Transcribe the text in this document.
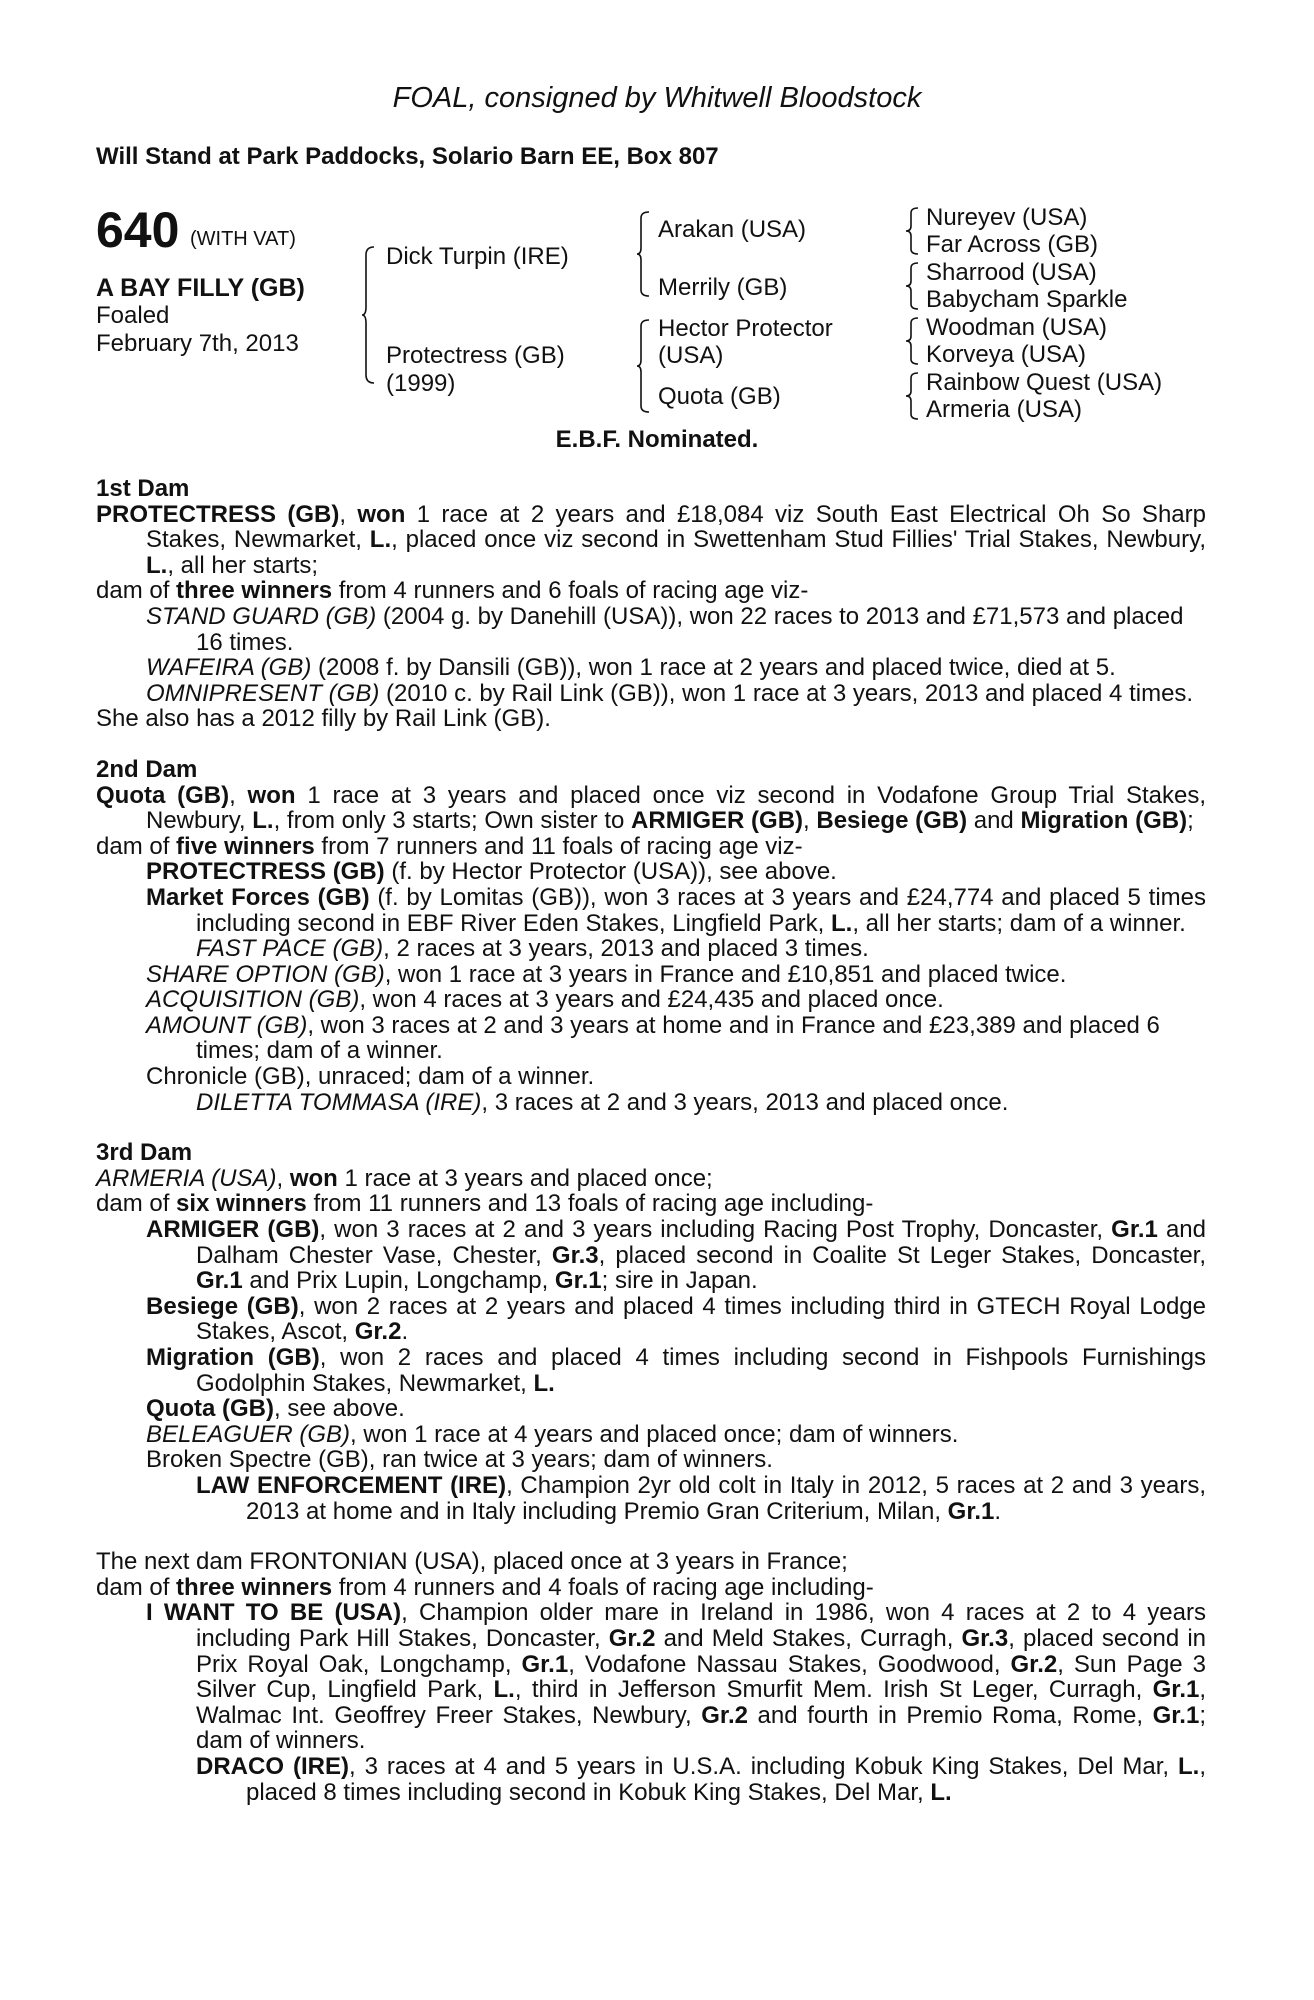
FOAL, consigned by Whitwell Bloodstock
Will Stand at Park Paddocks, Solario Barn EE, Box 807
640 (WITH VAT)
A BAY FILLY (GB)
Foaled
February 7th, 2013
Dick Turpin (IRE)
Protectress (GB)
(1999)
Arakan (USA)
Merrily (GB)
Hector Protector
(USA)
Quota (GB)
Nureyev (USA)
Far Across (GB)
Sharrood (USA)
Babycham Sparkle
Woodman (USA)
Korveya (USA)
Rainbow Quest (USA)
Armeria (USA)
E.B.F. Nominated.

1st Dam

PROTECTRESS (GB), won 1 race at 2 years and £18,084 viz South East Electrical Oh So Sharp Stakes, Newmarket, L., placed once viz second in Swettenham Stud Fillies' Trial Stakes, Newbury, L., all her starts;

dam of three winners from 4 runners and 6 foals of racing age viz-

STAND GUARD (GB) (2004 g. by Danehill (USA)), won 22 races to 2013 and £71,573 and placed 16 times.

WAFEIRA (GB) (2008 f. by Dansili (GB)), won 1 race at 2 years and placed twice, died at 5.

OMNIPRESENT (GB) (2010 c. by Rail Link (GB)), won 1 race at 3 years, 2013 and placed 4 times.

She also has a 2012 filly by Rail Link (GB).

2nd Dam

Quota (GB), won 1 race at 3 years and placed once viz second in Vodafone Group Trial Stakes, Newbury, L., from only 3 starts; Own sister to ARMIGER (GB), Besiege (GB) and Migration (GB);

dam of five winners from 7 runners and 11 foals of racing age viz-

PROTECTRESS (GB) (f. by Hector Protector (USA)), see above.

Market Forces (GB) (f. by Lomitas (GB)), won 3 races at 3 years and £24,774 and placed 5 times including second in EBF River Eden Stakes, Lingfield Park, L., all her starts; dam of a winner.

FAST PACE (GB), 2 races at 3 years, 2013 and placed 3 times.

SHARE OPTION (GB), won 1 race at 3 years in France and £10,851 and placed twice.

ACQUISITION (GB), won 4 races at 3 years and £24,435 and placed once.

AMOUNT (GB), won 3 races at 2 and 3 years at home and in France and £23,389 and placed 6 times; dam of a winner.

Chronicle (GB), unraced; dam of a winner.

DILETTA TOMMASA (IRE), 3 races at 2 and 3 years, 2013 and placed once.

3rd Dam

ARMERIA (USA), won 1 race at 3 years and placed once;

dam of six winners from 11 runners and 13 foals of racing age including-

ARMIGER (GB), won 3 races at 2 and 3 years including Racing Post Trophy, Doncaster, Gr.1 and Dalham Chester Vase, Chester, Gr.3, placed second in Coalite St Leger Stakes, Doncaster, Gr.1 and Prix Lupin, Longchamp, Gr.1; sire in Japan.

Besiege (GB), won 2 races at 2 years and placed 4 times including third in GTECH Royal Lodge Stakes, Ascot, Gr.2.

Migration (GB), won 2 races and placed 4 times including second in Fishpools Furnishings Godolphin Stakes, Newmarket, L.

Quota (GB), see above.

BELEAGUER (GB), won 1 race at 4 years and placed once; dam of winners.

Broken Spectre (GB), ran twice at 3 years; dam of winners.

LAW ENFORCEMENT (IRE), Champion 2yr old colt in Italy in 2012, 5 races at 2 and 3 years, 2013 at home and in Italy including Premio Gran Criterium, Milan, Gr.1.

The next dam FRONTONIAN (USA), placed once at 3 years in France;

dam of three winners from 4 runners and 4 foals of racing age including-

I WANT TO BE (USA), Champion older mare in Ireland in 1986, won 4 races at 2 to 4 years including Park Hill Stakes, Doncaster, Gr.2 and Meld Stakes, Curragh, Gr.3, placed second in Prix Royal Oak, Longchamp, Gr.1, Vodafone Nassau Stakes, Goodwood, Gr.2, Sun Page 3 Silver Cup, Lingfield Park, L., third in Jefferson Smurfit Mem. Irish St Leger, Curragh, Gr.1, Walmac Int. Geoffrey Freer Stakes, Newbury, Gr.2 and fourth in Premio Roma, Rome, Gr.1; dam of winners.

DRACO (IRE), 3 races at 4 and 5 years in U.S.A. including Kobuk King Stakes, Del Mar, L., placed 8 times including second in Kobuk King Stakes, Del Mar, L.
